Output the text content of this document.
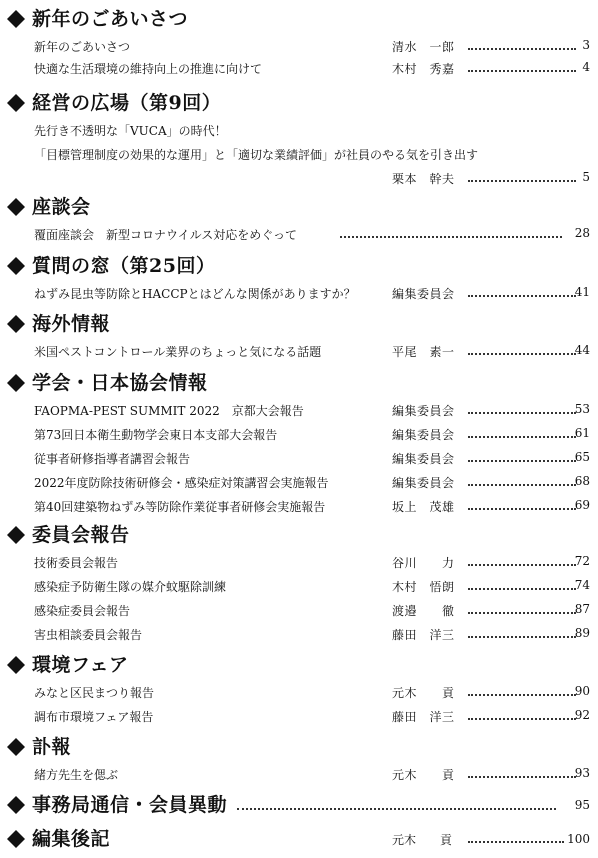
新年のごあいさつ
新年のごあいさつ	清水　一郎	3
快適な生活環境の維持向上の推進に向けて	木村　秀嘉	4
経営の広場（第9回）
先行き不透明な「VUCA」の時代！
「目標管理制度の効果的な運用」と「適切な業績評価」が社員のやる気を引き出す
栗本　幹夫	5
座談会
覆面座談会　新型コロナウイルス対応をめぐって	28
質問の窓（第25回）
ねずみ昆虫等防除とHACCPとはどんな関係がありますか？	編集委員会	41
海外情報
米国ペストコントロール業界のちょっと気になる話題	平尾　素一	44
学会・日本協会情報
FAOPMA-PEST SUMMIT 2022　京都大会報告	編集委員会	53
第73回日本衛生動物学会東日本支部大会報告	編集委員会	61
従事者研修指導者講習会報告	編集委員会	65
2022年度防除技術研修会・感染症対策講習会実施報告	編集委員会	68
第40回建築物ねずみ等防除作業従事者研修会実施報告	坂上　茂雄	69
委員会報告
技術委員会報告	谷川　　力	72
感染症予防衛生隊の媒介蚊駆除訓練	木村　悟朗	74
感染症委員会報告	渡邉　　徹	87
害虫相談委員会報告	藤田　洋三	89
環境フェア
みなと区民まつり報告	元木　　貢	90
調布市環境フェア報告	藤田　洋三	92
訃報
緒方先生を偲ぶ	元木　　貢	93
事務局通信・会員異動	95
編集後記	元木　　貢	100
